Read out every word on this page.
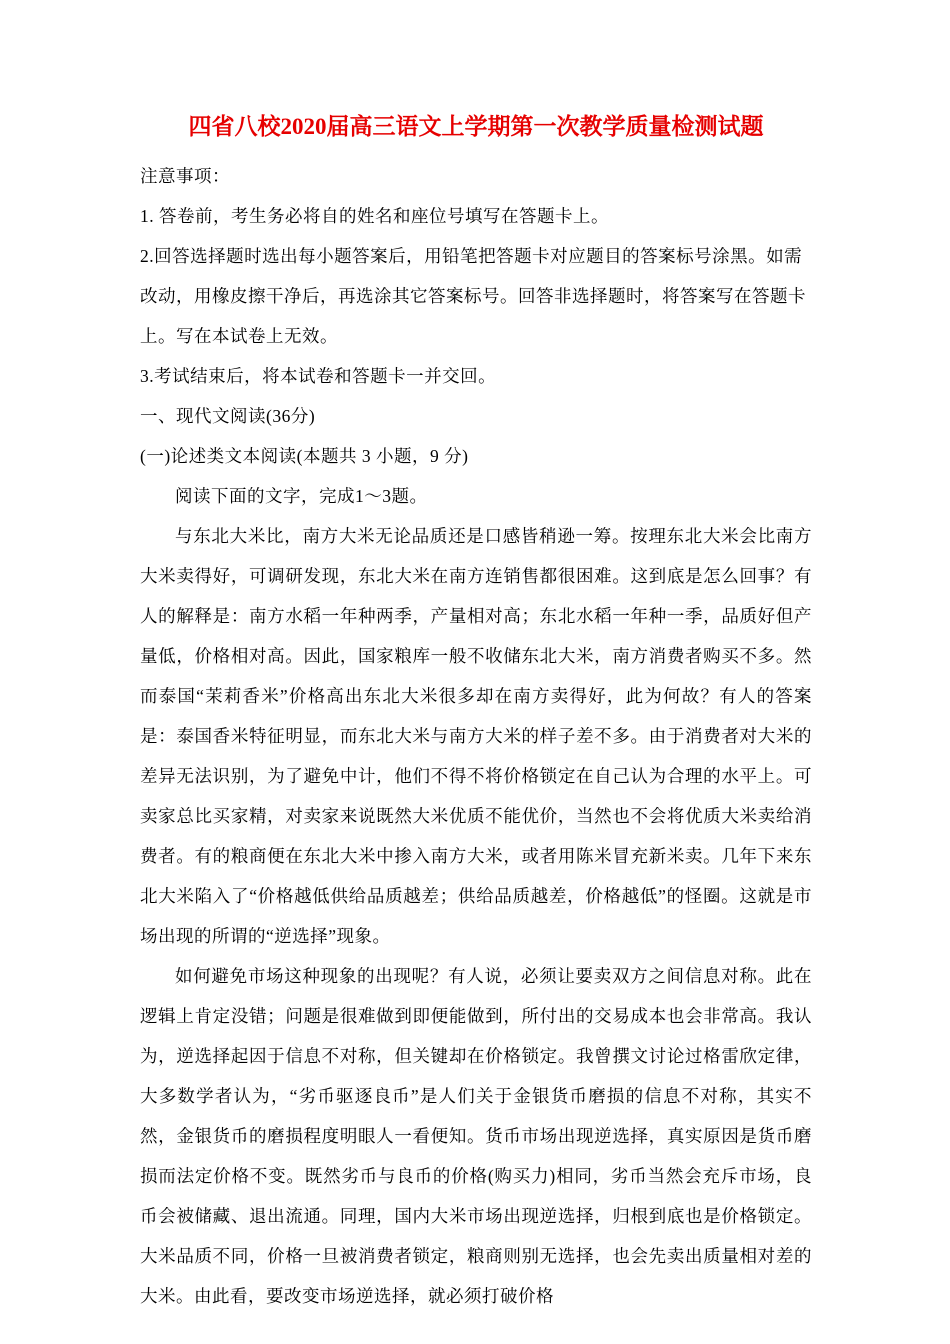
四省八校2020届高三语文上学期第一次教学质量检测试题

注意事项：

1. 答卷前，考生务必将自的姓名和座位号填写在答题卡上。

2.回答选择题时选出每小题答案后，用铅笔把答题卡对应题目的答案标号涂黑。如需改动，用橡皮擦干净后，再选涂其它答案标号。回答非选择题时，将答案写在答题卡上。写在本试卷上无效。

3.考试结束后，将本试卷和答题卡一并交回。

一、现代文阅读(36分)

(一)论述类文本阅读(本题共 3 小题，9 分)

阅读下面的文字，完成1～3题。

与东北大米比，南方大米无论品质还是口感皆稍逊一筹。按理东北大米会比南方大米卖得好，可调研发现，东北大米在南方连销售都很困难。这到底是怎么回事？有人的解释是：南方水稻一年种两季，产量相对高；东北水稻一年种一季，品质好但产量低，价格相对高。因此，国家粮库一般不收储东北大米，南方消费者购买不多。然而泰国“茉莉香米”价格高出东北大米很多却在南方卖得好，此为何故？有人的答案是：泰国香米特征明显，而东北大米与南方大米的样子差不多。由于消费者对大米的差异无法识别，为了避免中计，他们不得不将价格锁定在自己认为合理的水平上。可卖家总比买家精，对卖家来说既然大米优质不能优价，当然也不会将优质大米卖给消费者。有的粮商便在东北大米中掺入南方大米，或者用陈米冒充新米卖。几年下来东北大米陷入了“价格越低供给品质越差；供给品质越差，价格越低”的怪圈。这就是市场出现的所谓的“逆选择”现象。

如何避免市场这种现象的出现呢？有人说，必须让要卖双方之间信息对称。此在逻辑上肯定没错；问题是很难做到即便能做到，所付出的交易成本也会非常高。我认为，逆选择起因于信息不对称，但关键却在价格锁定。我曾撰文讨论过格雷欣定律，大多数学者认为，“劣币驱逐良币”是人们关于金银货币磨损的信息不对称，其实不然，金银货币的磨损程度明眼人一看便知。货币市场出现逆选择，真实原因是货币磨损而法定价格不变。既然劣币与良币的价格(购买力)相同，劣币当然会充斥市场，良币会被储藏、退出流通。同理，国内大米市场出现逆选择，归根到底也是价格锁定。大米品质不同，价格一旦被消费者锁定，粮商则别无选择，也会先卖出质量相对差的大米。由此看，要改变市场逆选择，就必须打破价格
